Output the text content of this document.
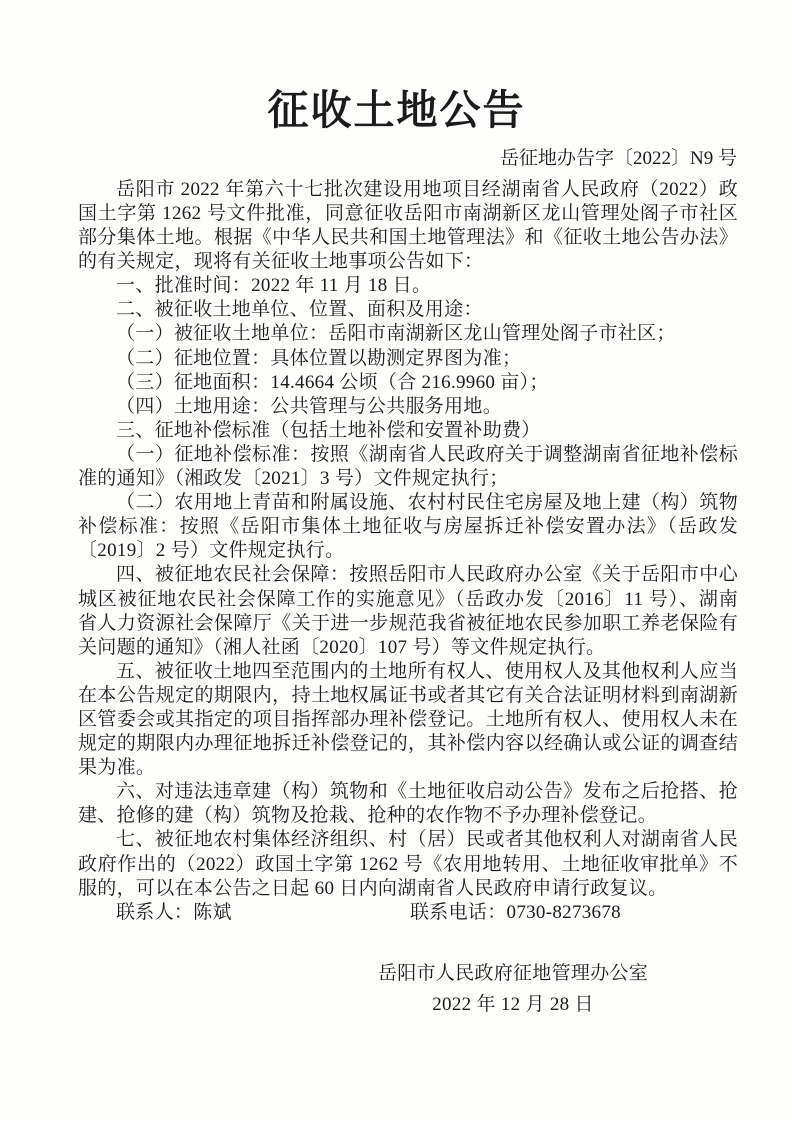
征收土地公告
岳征地办告字〔2022〕N9 号

岳阳市 2022 年第六十七批次建设用地项目经湖南省人民政府（2022）政国土字第 1262 号文件批准，同意征收岳阳市南湖新区龙山管理处阁子市社区部分集体土地。根据《中华人民共和国土地管理法》和《征收土地公告办法》的有关规定，现将有关征收土地事项公告如下：

一、批准时间：2022 年 11 月 18 日。

二、被征收土地单位、位置、面积及用途：

（一）被征收土地单位：岳阳市南湖新区龙山管理处阁子市社区；

（二）征地位置：具体位置以勘测定界图为准；

（三）征地面积：14.4664 公顷（合 216.9960 亩）；

（四）土地用途：公共管理与公共服务用地。

三、征地补偿标准（包括土地补偿和安置补助费）

（一）征地补偿标准：按照《湖南省人民政府关于调整湖南省征地补偿标准的通知》（湘政发〔2021〕3 号）文件规定执行；

（二）农用地上青苗和附属设施、农村村民住宅房屋及地上建（构）筑物补偿标准：按照《岳阳市集体土地征收与房屋拆迁补偿安置办法》（岳政发〔2019〕2 号）文件规定执行。

四、被征地农民社会保障：按照岳阳市人民政府办公室《关于岳阳市中心城区被征地农民社会保障工作的实施意见》（岳政办发〔2016〕11 号）、湖南省人力资源社会保障厅《关于进一步规范我省被征地农民参加职工养老保险有关问题的通知》（湘人社函〔2020〕107 号）等文件规定执行。

五、被征收土地四至范围内的土地所有权人、使用权人及其他权利人应当在本公告规定的期限内，持土地权属证书或者其它有关合法证明材料到南湖新区管委会或其指定的项目指挥部办理补偿登记。土地所有权人、使用权人未在规定的期限内办理征地拆迁补偿登记的，其补偿内容以经确认或公证的调查结果为准。

六、对违法违章建（构）筑物和《土地征收启动公告》发布之后抢搭、抢建、抢修的建（构）筑物及抢栽、抢种的农作物不予办理补偿登记。

七、被征地农村集体经济组织、村（居）民或者其他权利人对湖南省人民政府作出的（2022）政国土字第 1262 号《农用地转用、土地征收审批单》不服的，可以在本公告之日起 60 日内向湖南省人民政府申请行政复议。

联系人：陈斌	联系电话：0730-8273678
岳阳市人民政府征地管理办公室
2022 年 12 月 28 日
